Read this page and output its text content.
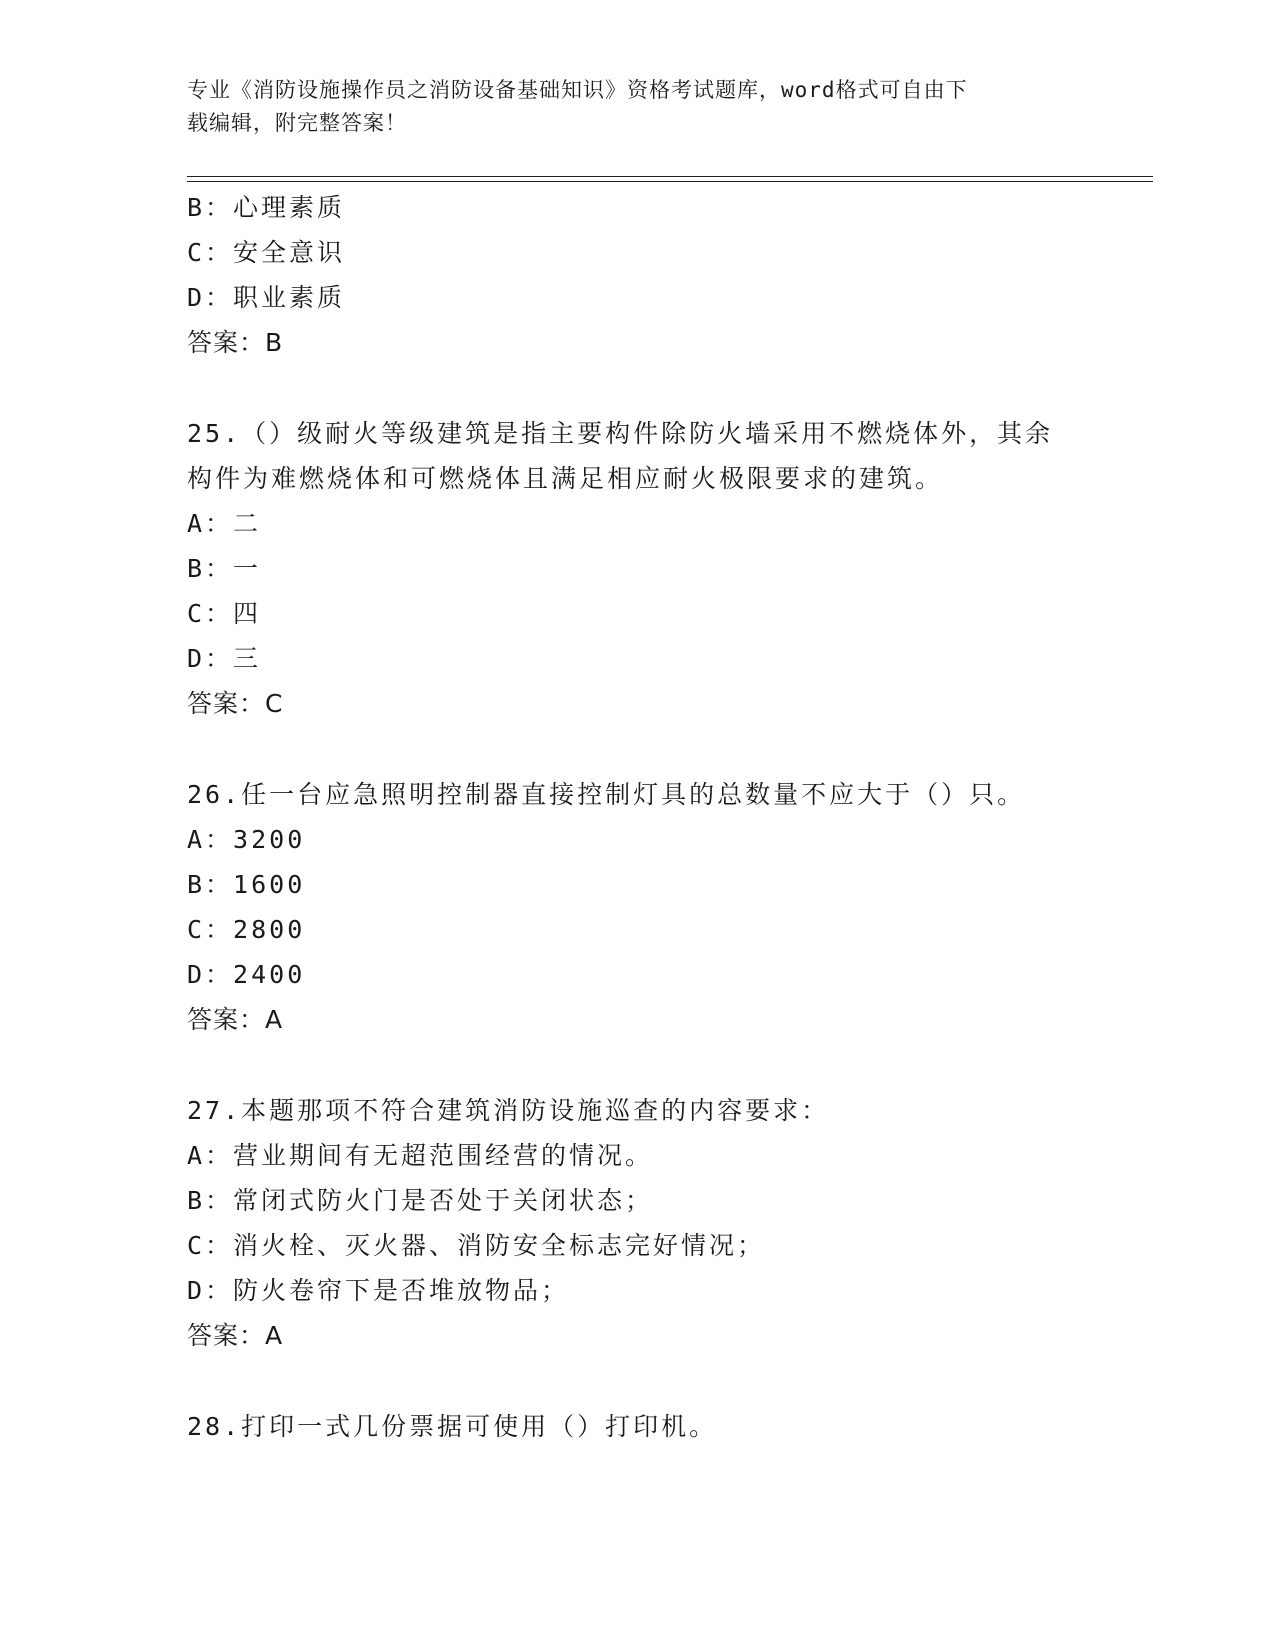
专业《消防设施操作员之消防设备基础知识》资格考试题库，word格式可自由下
载编辑，附完整答案！
B：心理素质
C：安全意识
D：职业素质
答案：B
25.（）级耐火等级建筑是指主要构件除防火墙采用不燃烧体外，其余
构件为难燃烧体和可燃烧体且满足相应耐火极限要求的建筑。
A：二
B：一
C：四
D：三
答案：C
26.任一台应急照明控制器直接控制灯具的总数量不应大于（）只。
A：3200
B：1600
C：2800
D：2400
答案：A
27.本题那项不符合建筑消防设施巡查的内容要求：
A：营业期间有无超范围经营的情况。
B：常闭式防火门是否处于关闭状态；
C：消火栓、灭火器、消防安全标志完好情况；
D：防火卷帘下是否堆放物品；
答案：A
28.打印一式几份票据可使用（）打印机。
